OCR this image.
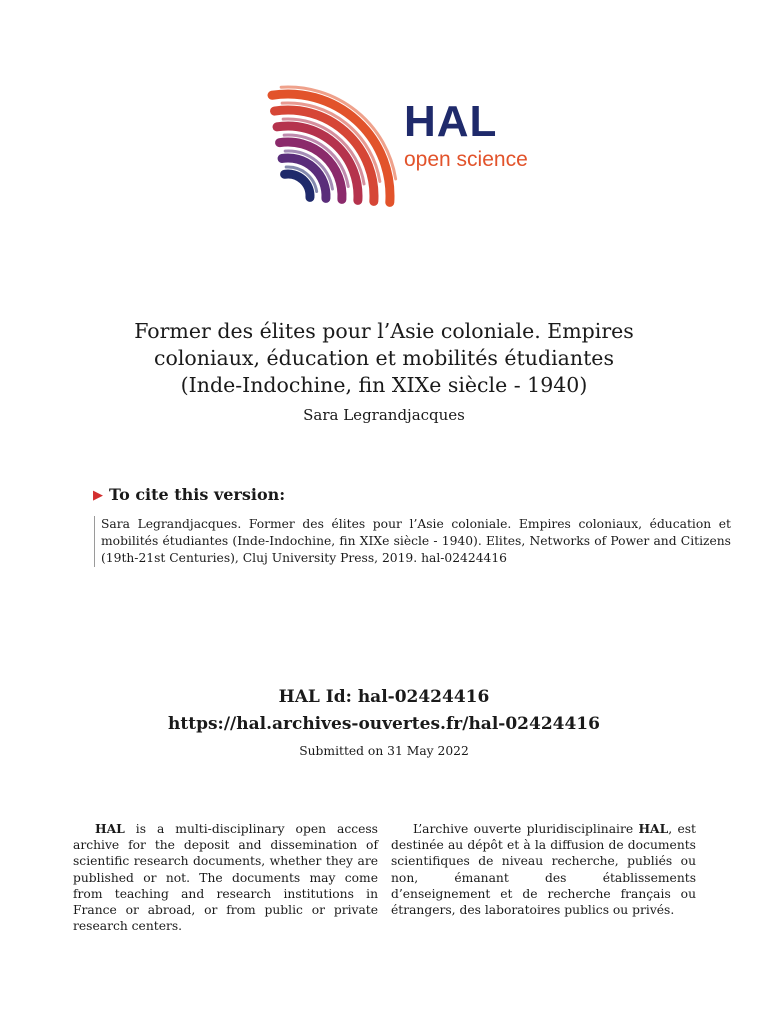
HAL
open science
Former des élites pour l’Asie coloniale. Empires
coloniaux, éducation et mobilités étudiantes
(Inde-Indochine, fin XIXe siècle - 1940)
Sara Legrandjacques
▶ To cite this version:
Sara Legrandjacques. Former des élites pour l’Asie coloniale. Empires coloniaux, éducation et mobilités étudiantes (Inde-Indochine, fin XIXe siècle - 1940). Elites, Networks of Power and Citizens (19th-21st Centuries), Cluj University Press, 2019. hal-02424416
HAL Id: hal-02424416
https://hal.archives-ouvertes.fr/hal-02424416
Submitted on 31 May 2022
HAL is a multi-disciplinary open access archive for the deposit and dissemination of scientific research documents, whether they are published or not. The documents may come from teaching and research institutions in France or abroad, or from public or private research centers.
L’archive ouverte pluridisciplinaire HAL, est destinée au dépôt et à la diffusion de documents scientifiques de niveau recherche, publiés ou non, émanant des établissements d’enseignement et de recherche français ou étrangers, des laboratoires publics ou privés.
